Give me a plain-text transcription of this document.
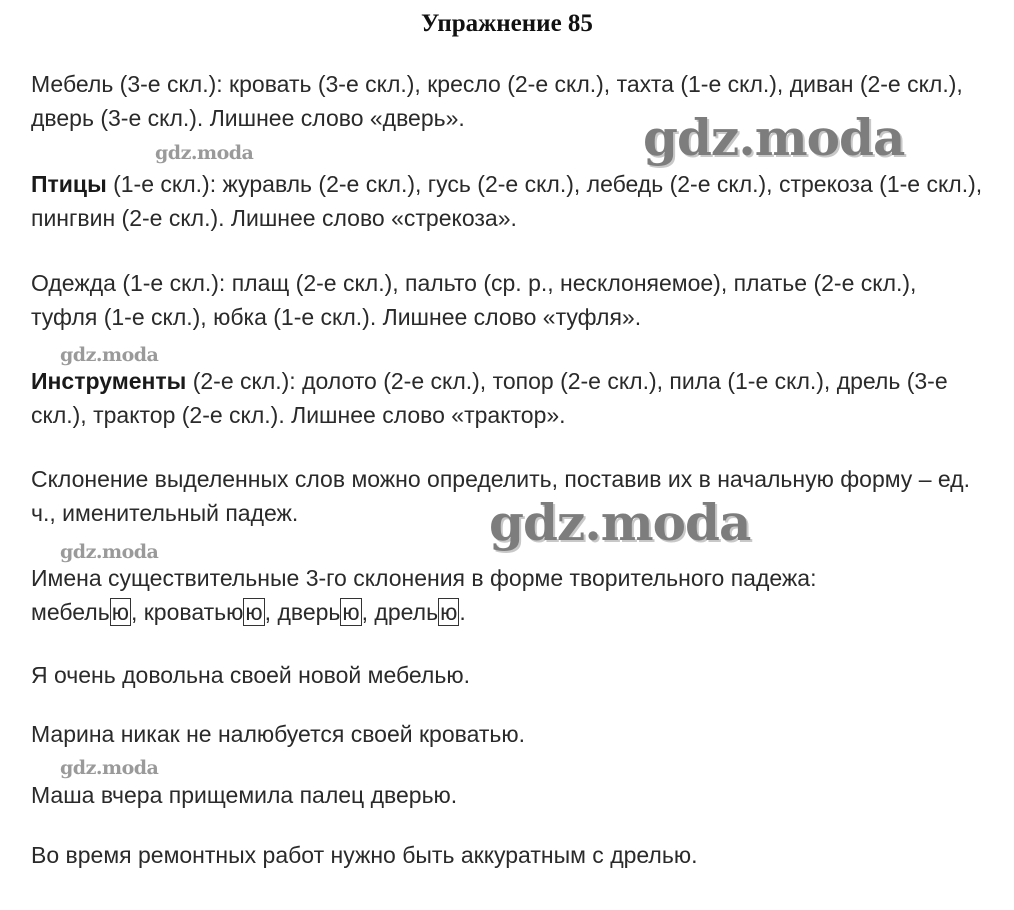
Упражнение 85

Мебель (3-е скл.): кровать (3-е скл.), кресло (2-е скл.), тахта (1-е скл.), диван (2-е скл.), дверь (3-е скл.). Лишнее слово «дверь».

Птицы (1-е скл.): журавль (2-е скл.), гусь (2-е скл.), лебедь (2-е скл.), стрекоза (1-е скл.), пингвин (2-е скл.). Лишнее слово «стрекоза».

Одежда (1-е скл.): плащ (2-е скл.), пальто (ср. р., несклоняемое), платье (2-е скл.), туфля (1-е скл.), юбка (1-е скл.). Лишнее слово «туфля».

Инструменты (2-е скл.): долото (2-е скл.), топор (2-е скл.), пила (1-е скл.), дрель (3-е скл.), трактор (2-е скл.). Лишнее слово «трактор».

Склонение выделенных слов можно определить, поставив их в начальную форму – ед. ч., именительный падеж.

Имена существительные 3-го склонения в форме творительного падежа:
мебелью, кроватьюю, дверью, дрелью.

Я очень довольна своей новой мебелью.

Марина никак не налюбуется своей кроватью.

Маша вчера прищемила палец дверью.

Во время ремонтных работ нужно быть аккуратным с дрелью.

gdz.moda
gdz.moda
gdz.moda
gdz.moda
gdz.moda
gdz.moda
